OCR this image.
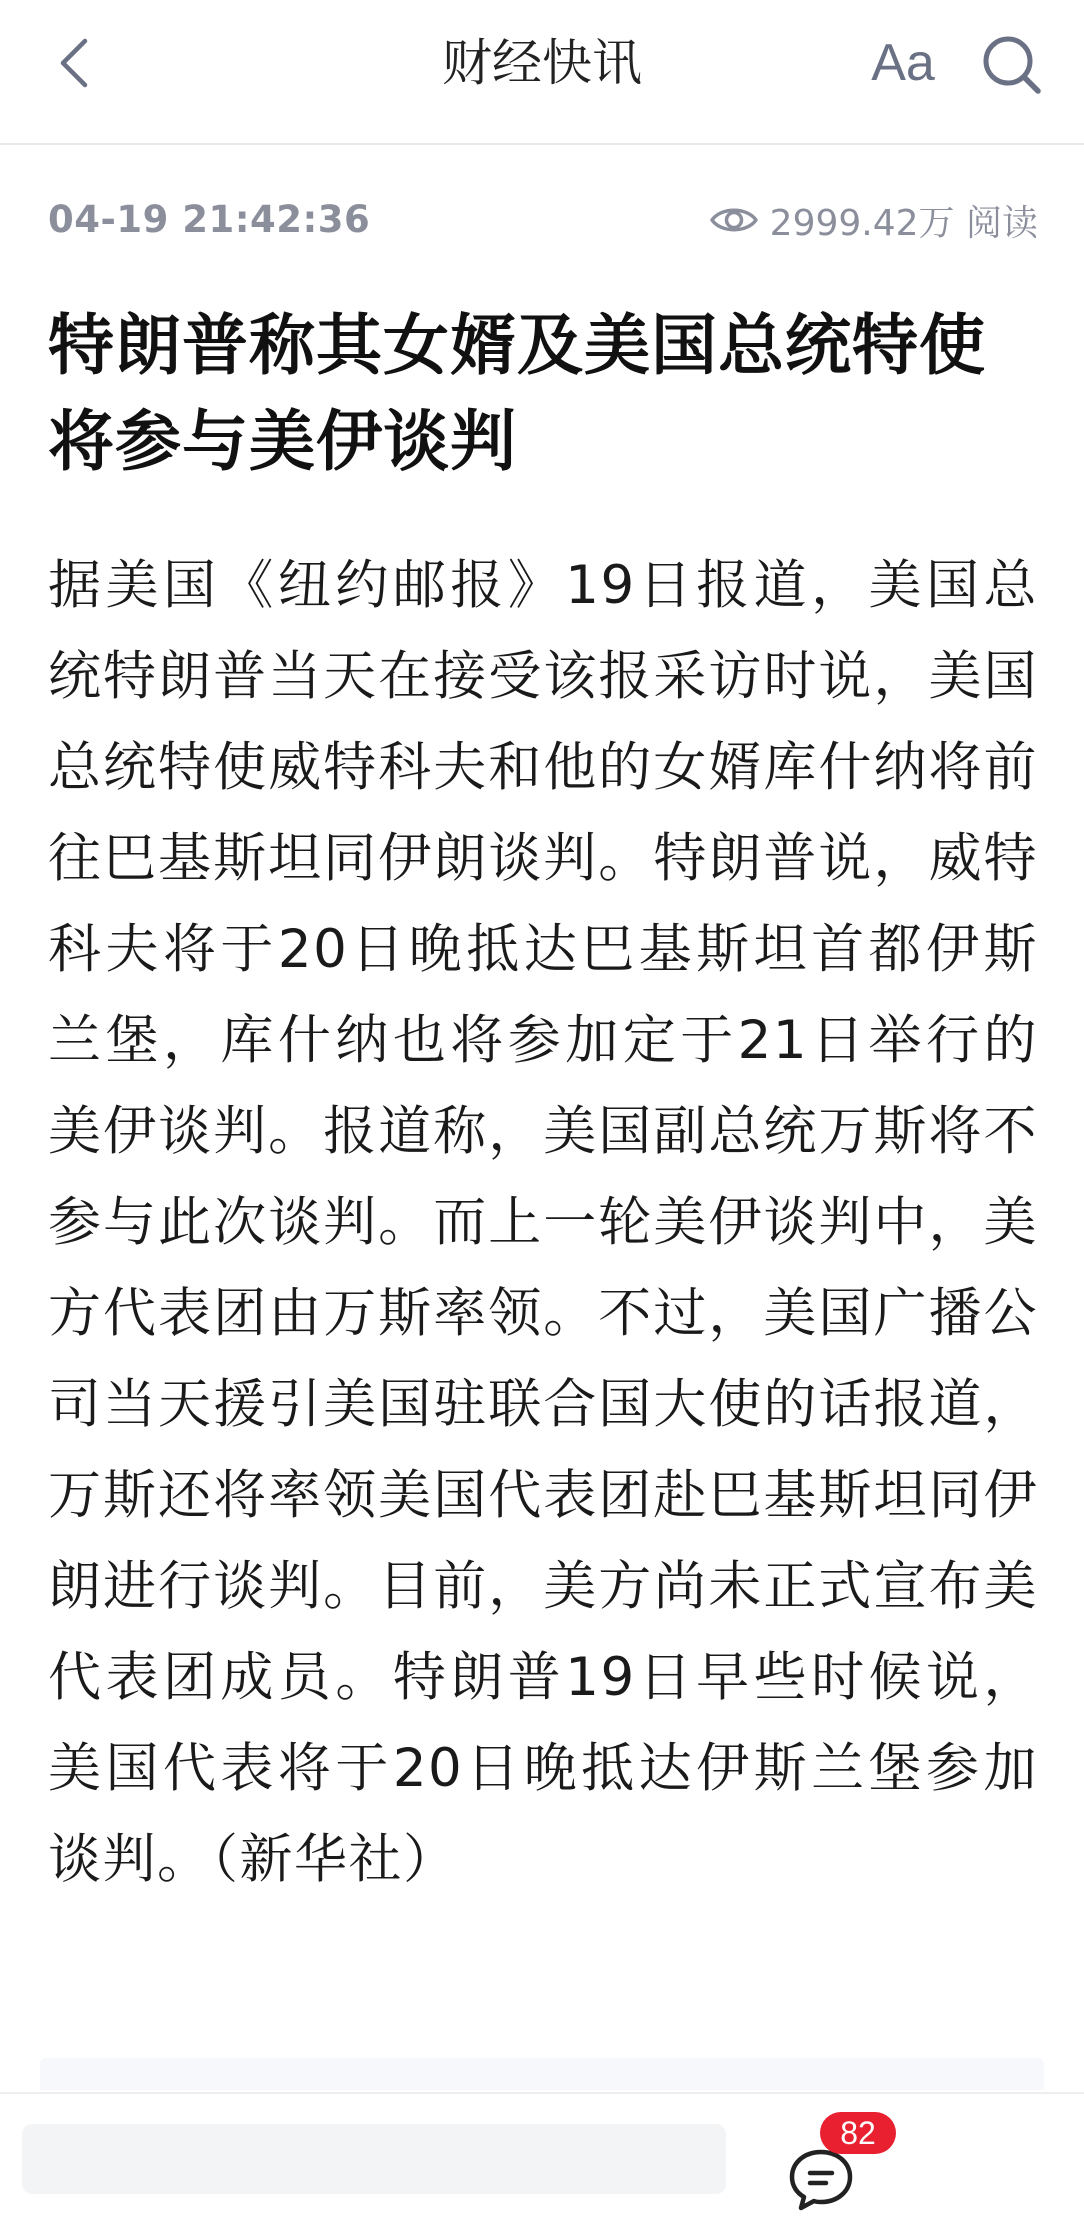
财经快讯	Aa
04-19 21:42:36	2999.42万 阅读
特朗普称其女婿及美国总统特使将参与美伊谈判

据美国《纽约邮报》19日报道，美国总统特朗普当天在接受该报采访时说，美国总统特使威特科夫和他的女婿库什纳将前往巴基斯坦同伊朗谈判。特朗普说，威特科夫将于20日晚抵达巴基斯坦首都伊斯兰堡，库什纳也将参加定于21日举行的美伊谈判。报道称，美国副总统万斯将不参与此次谈判。而上一轮美伊谈判中，美方代表团由万斯率领。不过，美国广播公司当天援引美国驻联合国大使的话报道，万斯还将率领美国代表团赴巴基斯坦同伊朗进行谈判。目前，美方尚未正式宣布美代表团成员。特朗普19日早些时候说，美国代表将于20日晚抵达伊斯兰堡参加谈判。（新华社）

82
